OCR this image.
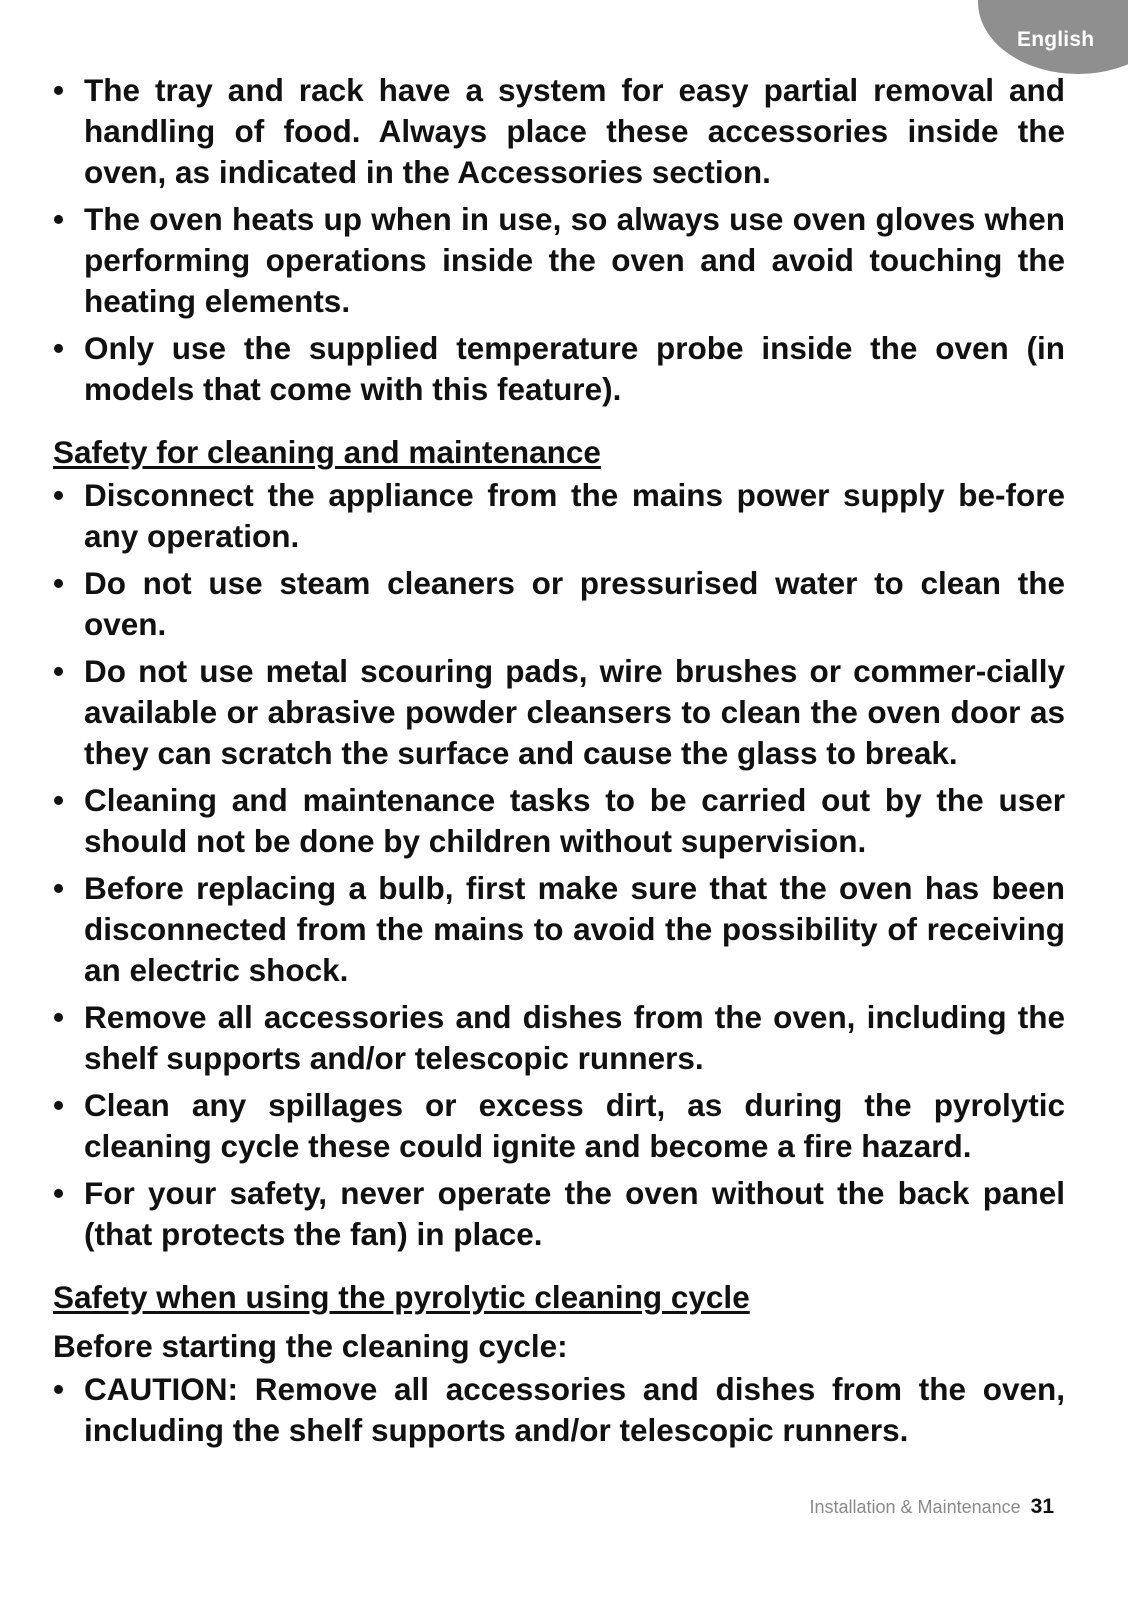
English
• The tray and rack have a system for easy partial removal and handling of food. Always place these accessories inside the oven, as indicated in the Accessories section.
• The oven heats up when in use, so always use oven gloves when performing operations inside the oven and avoid touching the heating elements.
• Only use the supplied temperature probe inside the oven (in models that come with this feature).
Safety for cleaning and maintenance
• Disconnect the appliance from the mains power supply be-fore any operation.
• Do not use steam cleaners or pressurised water to clean the oven.
• Do not use metal scouring pads, wire brushes or commer-cially available or abrasive powder cleansers to clean the oven door as they can scratch the surface and cause the glass to break.
• Cleaning and maintenance tasks to be carried out by the user should not be done by children without supervision.
• Before replacing a bulb, first make sure that the oven has been disconnected from the mains to avoid the possibility of receiving an electric shock.
• Remove all accessories and dishes from the oven, including the shelf supports and/or telescopic runners.
• Clean any spillages or excess dirt, as during the pyrolytic cleaning cycle these could ignite and become a fire hazard.
• For your safety, never operate the oven without the back panel (that protects the fan) in place.
Safety when using the pyrolytic cleaning cycle
Before starting the cleaning cycle:
• CAUTION: Remove all accessories and dishes from the oven, including the shelf supports and/or telescopic runners.
Installation & Maintenance 31
